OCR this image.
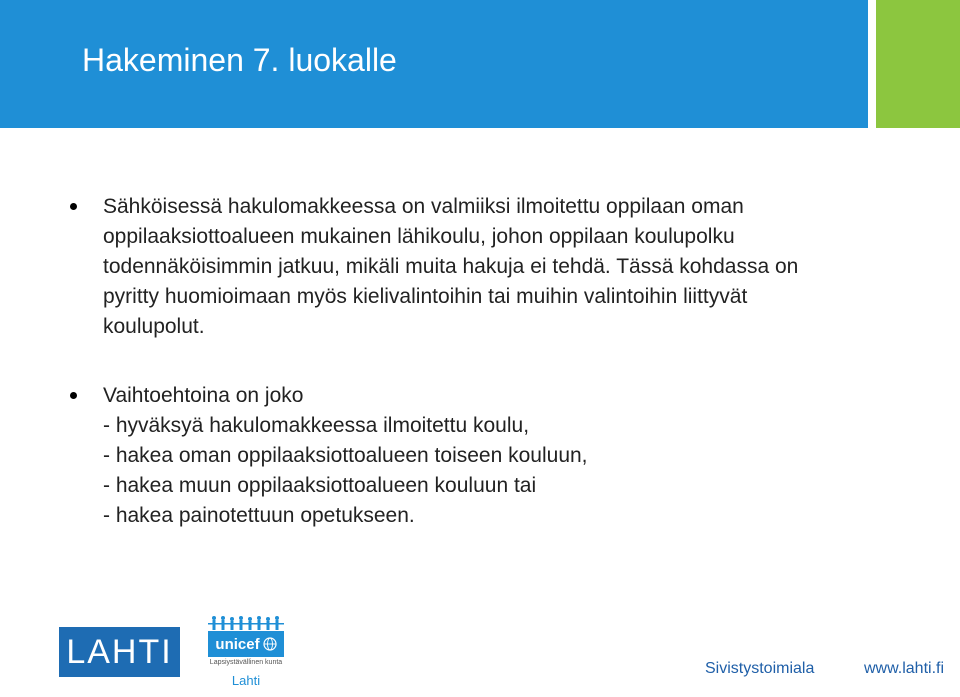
Hakeminen 7. luokalle

Sähköisessä hakulomakkeessa on valmiiksi ilmoitettu oppilaan oman

oppilaaksiottoalueen mukainen lähikoulu, johon oppilaan koulupolku

todennäköisimmin jatkuu, mikäli muita hakuja ei tehdä. Tässä kohdassa on

pyritty huomioimaan myös kielivalintoihin tai muihin valintoihin liittyvät

koulupolut.

Vaihtoehtoina on joko

- hyväksyä hakulomakkeessa ilmoitettu koulu,

- hakea oman oppilaaksiottoalueen toiseen kouluun,

- hakea muun oppilaaksiottoalueen kouluun tai

- hakea painotettuun opetukseen.

LAHTI	unicef
Lapsiystävällinen kunta
Lahti
Sivistystoimiala	www.lahti.fi
